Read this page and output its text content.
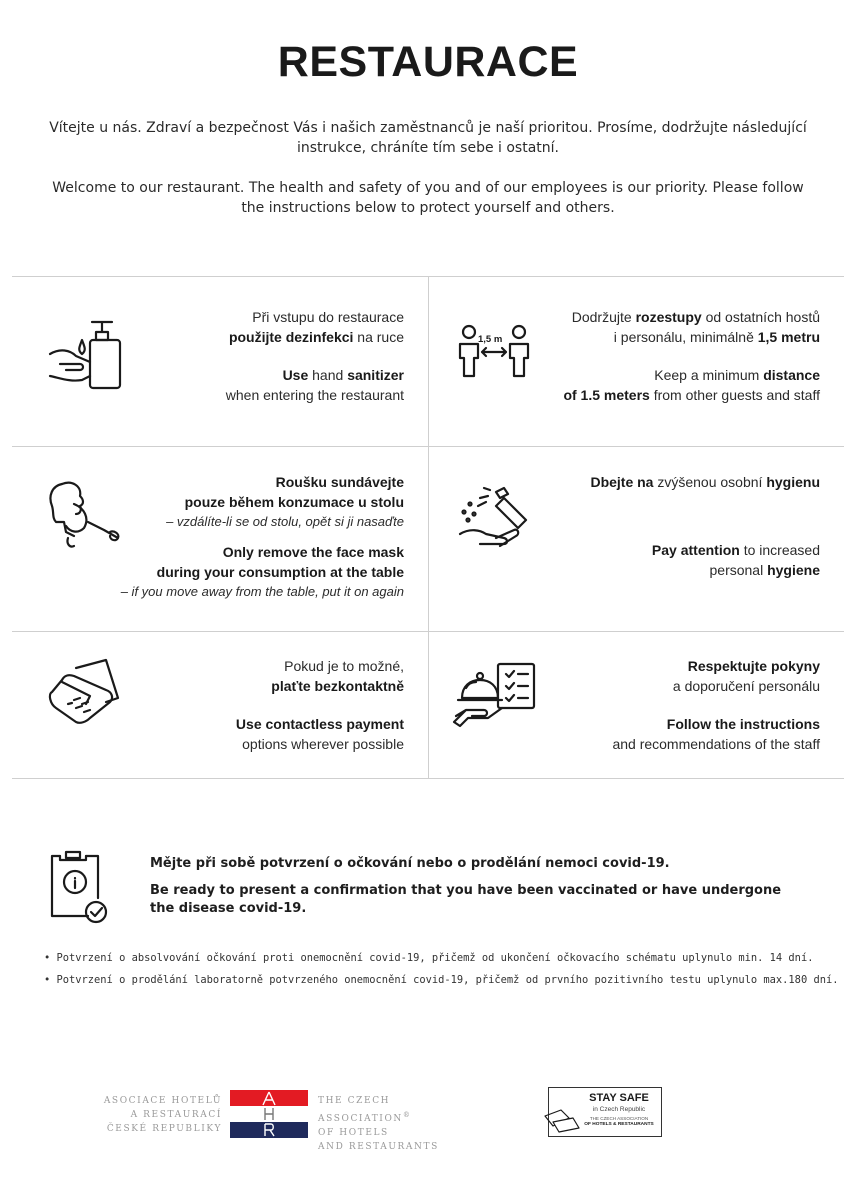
RESTAURACE

Vítejte u nás. Zdraví a bezpečnost Vás i našich zaměstnanců je naší prioritou. Prosíme, dodržujte následující instrukce, chráníte tím sebe i ostatní.

Welcome to our restaurant. The health and safety of you and of our employees is our priority. Please follow the instructions below to protect yourself and others.

Při vstupu do restaurace

použijte dezinfekci na ruce

Use hand sanitizer

when entering the restaurant

1,5 m

Dodržujte rozestupy od ostatních hostů

i personálu, minimálně 1,5 metru

Keep a minimum distance

of 1.5 meters from other guests and staff

Roušku sundávejte

pouze během konzumace u stolu

– vzdálíte-li se od stolu, opět si ji nasaďte

Only remove the face mask

during your consumption at the table

– if you move away from the table, put it on again

Dbejte na zvýšenou osobní hygienu

Pay attention to increased

personal hygiene

Pokud je to možné,

plaťte bezkontaktně

Use contactless payment

options wherever possible

Respektujte pokyny

a doporučení personálu

Follow the instructions

and recommendations of the staff

Mějte při sobě potvrzení o očkování nebo o prodělání nemoci covid-19.

Be ready to present a confirmation that you have been vaccinated or have undergone the disease covid-19.

• Potvrzení o absolvování očkování proti onemocnění covid-19, přičemž od ukončení očkovacího schématu uplynulo min. 14 dní.

• Potvrzení o prodělání laboratorně potvrzeného onemocnění covid-19, přičemž od prvního pozitivního testu uplynulo max.180 dní.

ASOCIACE HOTELŮ
A RESTAURACÍ
ČESKÉ REPUBLIKY
THE CZECH ASSOCIATION®
OF HOTELS
AND RESTAURANTS
STAY SAFE
in Czech Republic
THE CZECH ASSOCIATION
OF HOTELS & RESTAURANTS
